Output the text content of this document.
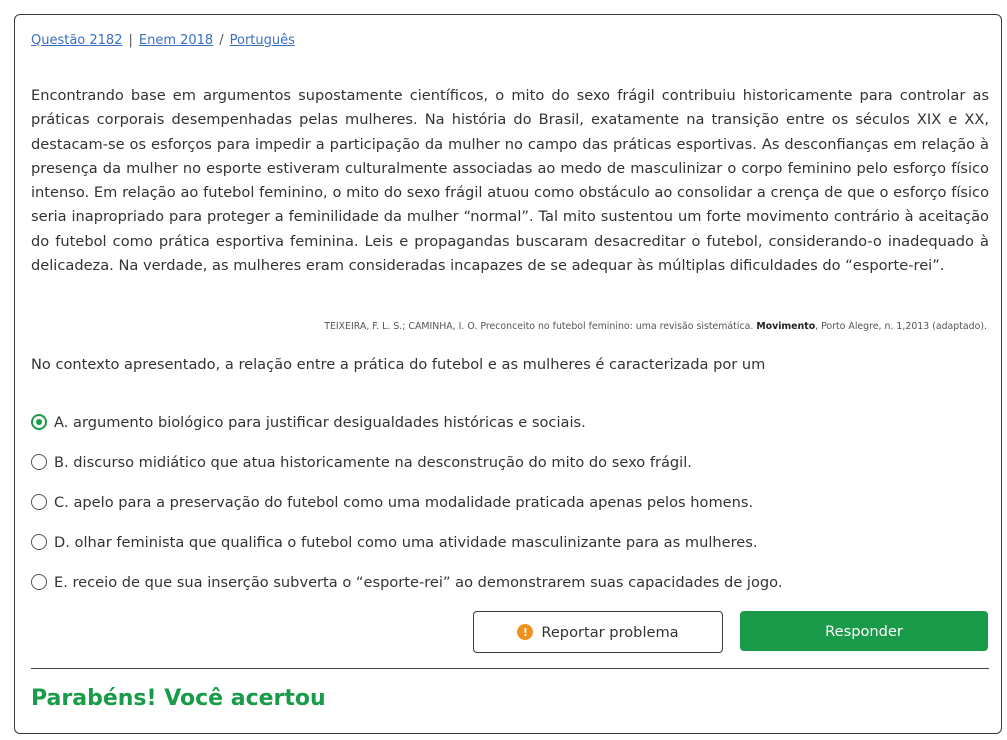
Questão 2182 | Enem 2018 / Português

Encontrando base em argumentos supostamente científicos, o mito do sexo frágil contribuiu historicamente para controlar as práticas corporais desempenhadas pelas mulheres. Na história do Brasil, exatamente na transição entre os séculos XIX e XX, destacam-se os esforços para impedir a participação da mulher no campo das práticas esportivas. As desconfianças em relação à presença da mulher no esporte estiveram culturalmente associadas ao medo de masculinizar o corpo feminino pelo esforço físico intenso. Em relação ao futebol feminino, o mito do sexo frágil atuou como obstáculo ao consolidar a crença de que o esforço físico seria inapropriado para proteger a feminilidade da mulher “normal”. Tal mito sustentou um forte movimento contrário à aceitação do futebol como prática esportiva feminina. Leis e propagandas buscaram desacreditar o futebol, considerando-o inadequado à delicadeza. Na verdade, as mulheres eram consideradas incapazes de se adequar às múltiplas dificuldades do “esporte-rei”.

TEIXEIRA, F. L. S.; CAMINHA, I. O. Preconceito no futebol feminino: uma revisão sistemática. Movimento, Porto Alegre, n. 1,2013 (adaptado).
No contexto apresentado, a relação entre a prática do futebol e as mulheres é caracterizada por um
A. argumento biológico para justificar desigualdades históricas e sociais.
B. discurso midiático que atua historicamente na desconstrução do mito do sexo frágil.
C. apelo para a preservação do futebol como uma modalidade praticada apenas pelos homens.
D. olhar feminista que qualifica o futebol como uma atividade masculinizante para as mulheres.
E. receio de que sua inserção subverta o “esporte-rei” ao demonstrarem suas capacidades de jogo.
! Reportar problema	Responder
Parabéns! Você acertou
